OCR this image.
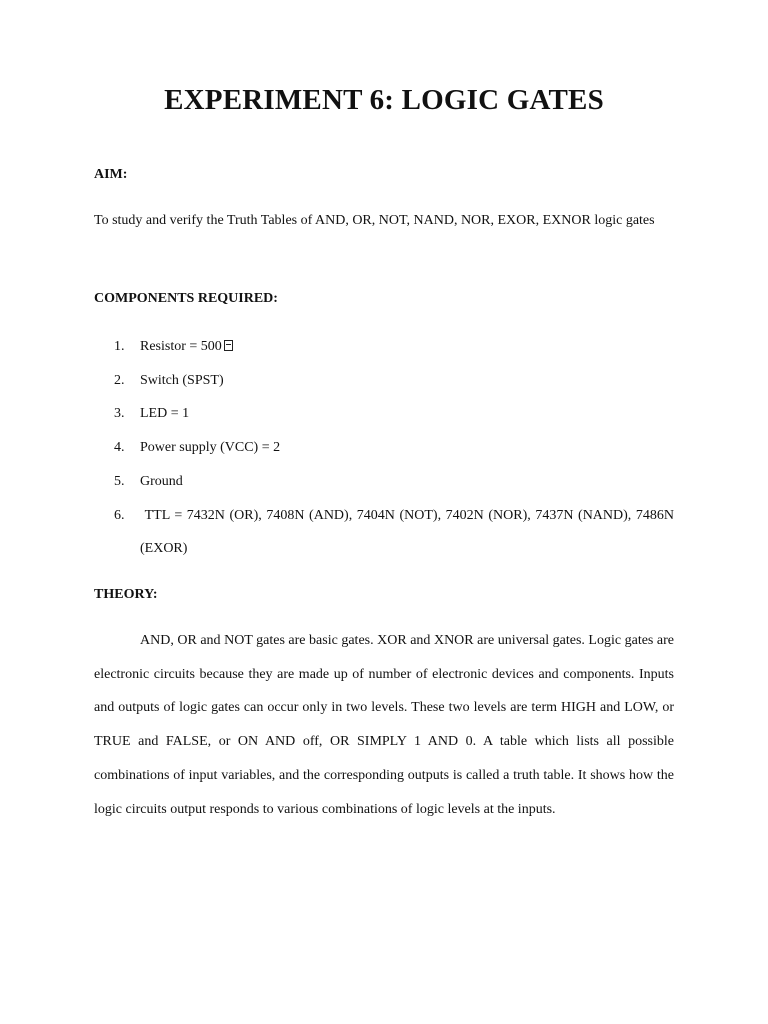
EXPERIMENT 6: LOGIC GATES
AIM:

To study and verify the Truth Tables of AND, OR, NOT, NAND, NOR, EXOR, EXNOR logic gates

COMPONENTS REQUIRED:
1. Resistor = 500
2. Switch (SPST)
3. LED = 1
4. Power supply (VCC) = 2
5. Ground
6. TTL = 7432N (OR), 7408N (AND), 7404N (NOT), 7402N (NOR), 7437N (NAND), 7486N (EXOR)
THEORY:

AND, OR and NOT gates are basic gates. XOR and XNOR are universal gates. Logic gates are electronic circuits because they are made up of number of electronic devices and components. Inputs and outputs of logic gates can occur only in two levels. These two levels are term HIGH and LOW, or TRUE and FALSE, or ON AND off, OR SIMPLY 1 AND 0. A table which lists all possible combinations of input variables, and the corresponding outputs is called a truth table. It shows how the logic circuits output responds to various combinations of logic levels at the inputs.
